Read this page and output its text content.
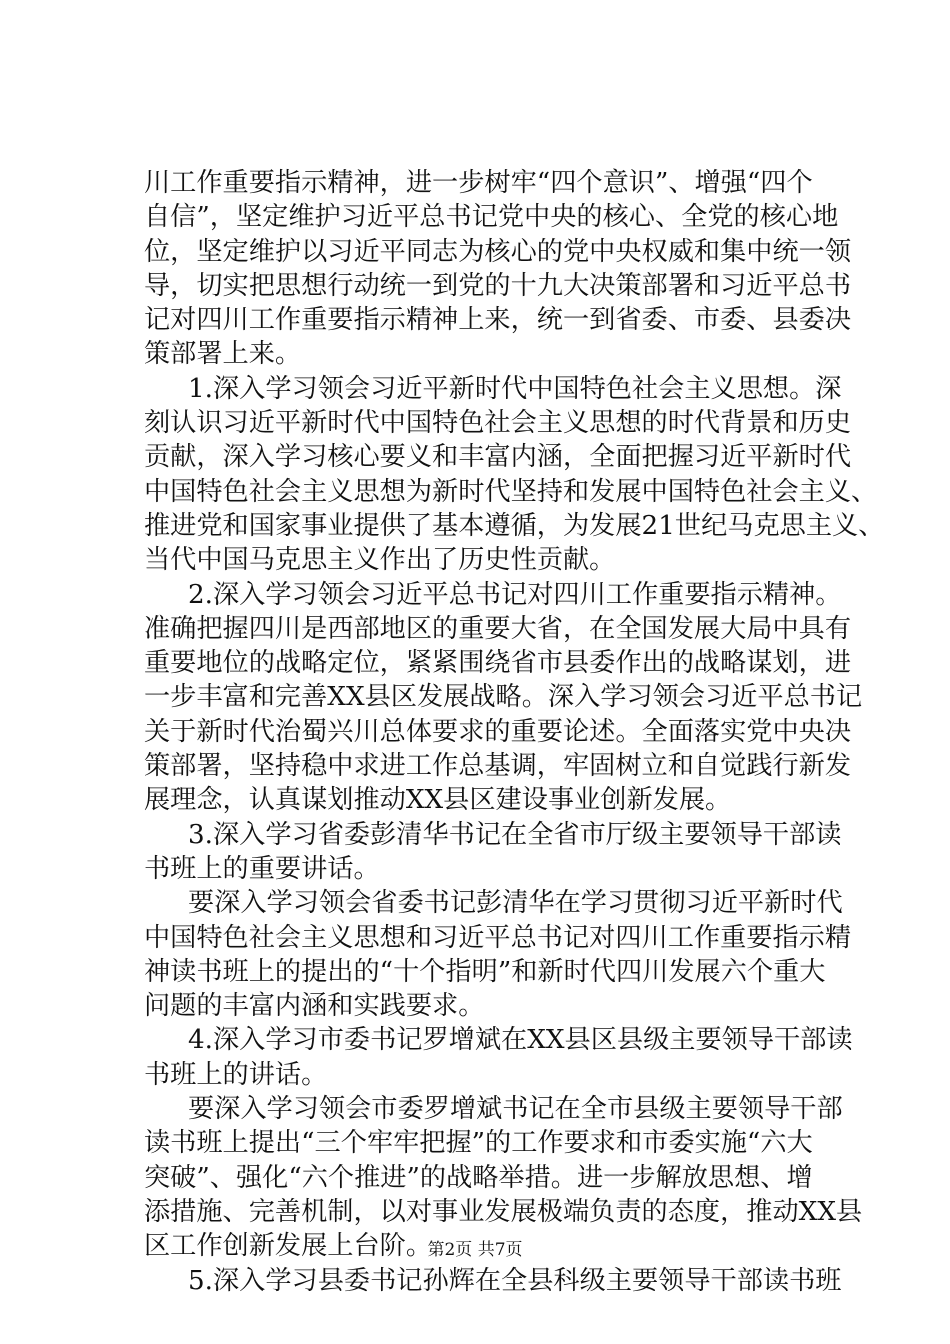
川工作重要指示精神，进一步树牢“四个意识”、增强“四个
自信”，坚定维护习近平总书记党中央的核心、全党的核心地
位，坚定维护以习近平同志为核心的党中央权威和集中统一领
导，切实把思想行动统一到党的十九大决策部署和习近平总书
记对四川工作重要指示精神上来，统一到省委、市委、县委决
策部署上来。
1.深入学习领会习近平新时代中国特色社会主义思想。深
刻认识习近平新时代中国特色社会主义思想的时代背景和历史
贡献，深入学习核心要义和丰富内涵，全面把握习近平新时代
中国特色社会主义思想为新时代坚持和发展中国特色社会主义、
推进党和国家事业提供了基本遵循，为发展21世纪马克思主义、
当代中国马克思主义作出了历史性贡献。
2.深入学习领会习近平总书记对四川工作重要指示精神。
准确把握四川是西部地区的重要大省，在全国发展大局中具有
重要地位的战略定位，紧紧围绕省市县委作出的战略谋划，进
一步丰富和完善XX县区发展战略。深入学习领会习近平总书记
关于新时代治蜀兴川总体要求的重要论述。全面落实党中央决
策部署，坚持稳中求进工作总基调，牢固树立和自觉践行新发
展理念，认真谋划推动XX县区建设事业创新发展。
3.深入学习省委彭清华书记在全省市厅级主要领导干部读
书班上的重要讲话。
要深入学习领会省委书记彭清华在学习贯彻习近平新时代
中国特色社会主义思想和习近平总书记对四川工作重要指示精
神读书班上的提出的“十个指明”和新时代四川发展六个重大
问题的丰富内涵和实践要求。
4.深入学习市委书记罗增斌在XX县区县级主要领导干部读
书班上的讲话。
要深入学习领会市委罗增斌书记在全市县级主要领导干部
读书班上提出“三个牢牢把握”的工作要求和市委实施“六大
突破”、强化“六个推进”的战略举措。进一步解放思想、增
添措施、完善机制，以对事业发展极端负责的态度，推动XX县
区工作创新发展上台阶。
5.深入学习县委书记孙辉在全县科级主要领导干部读书班
第2页 共7页
